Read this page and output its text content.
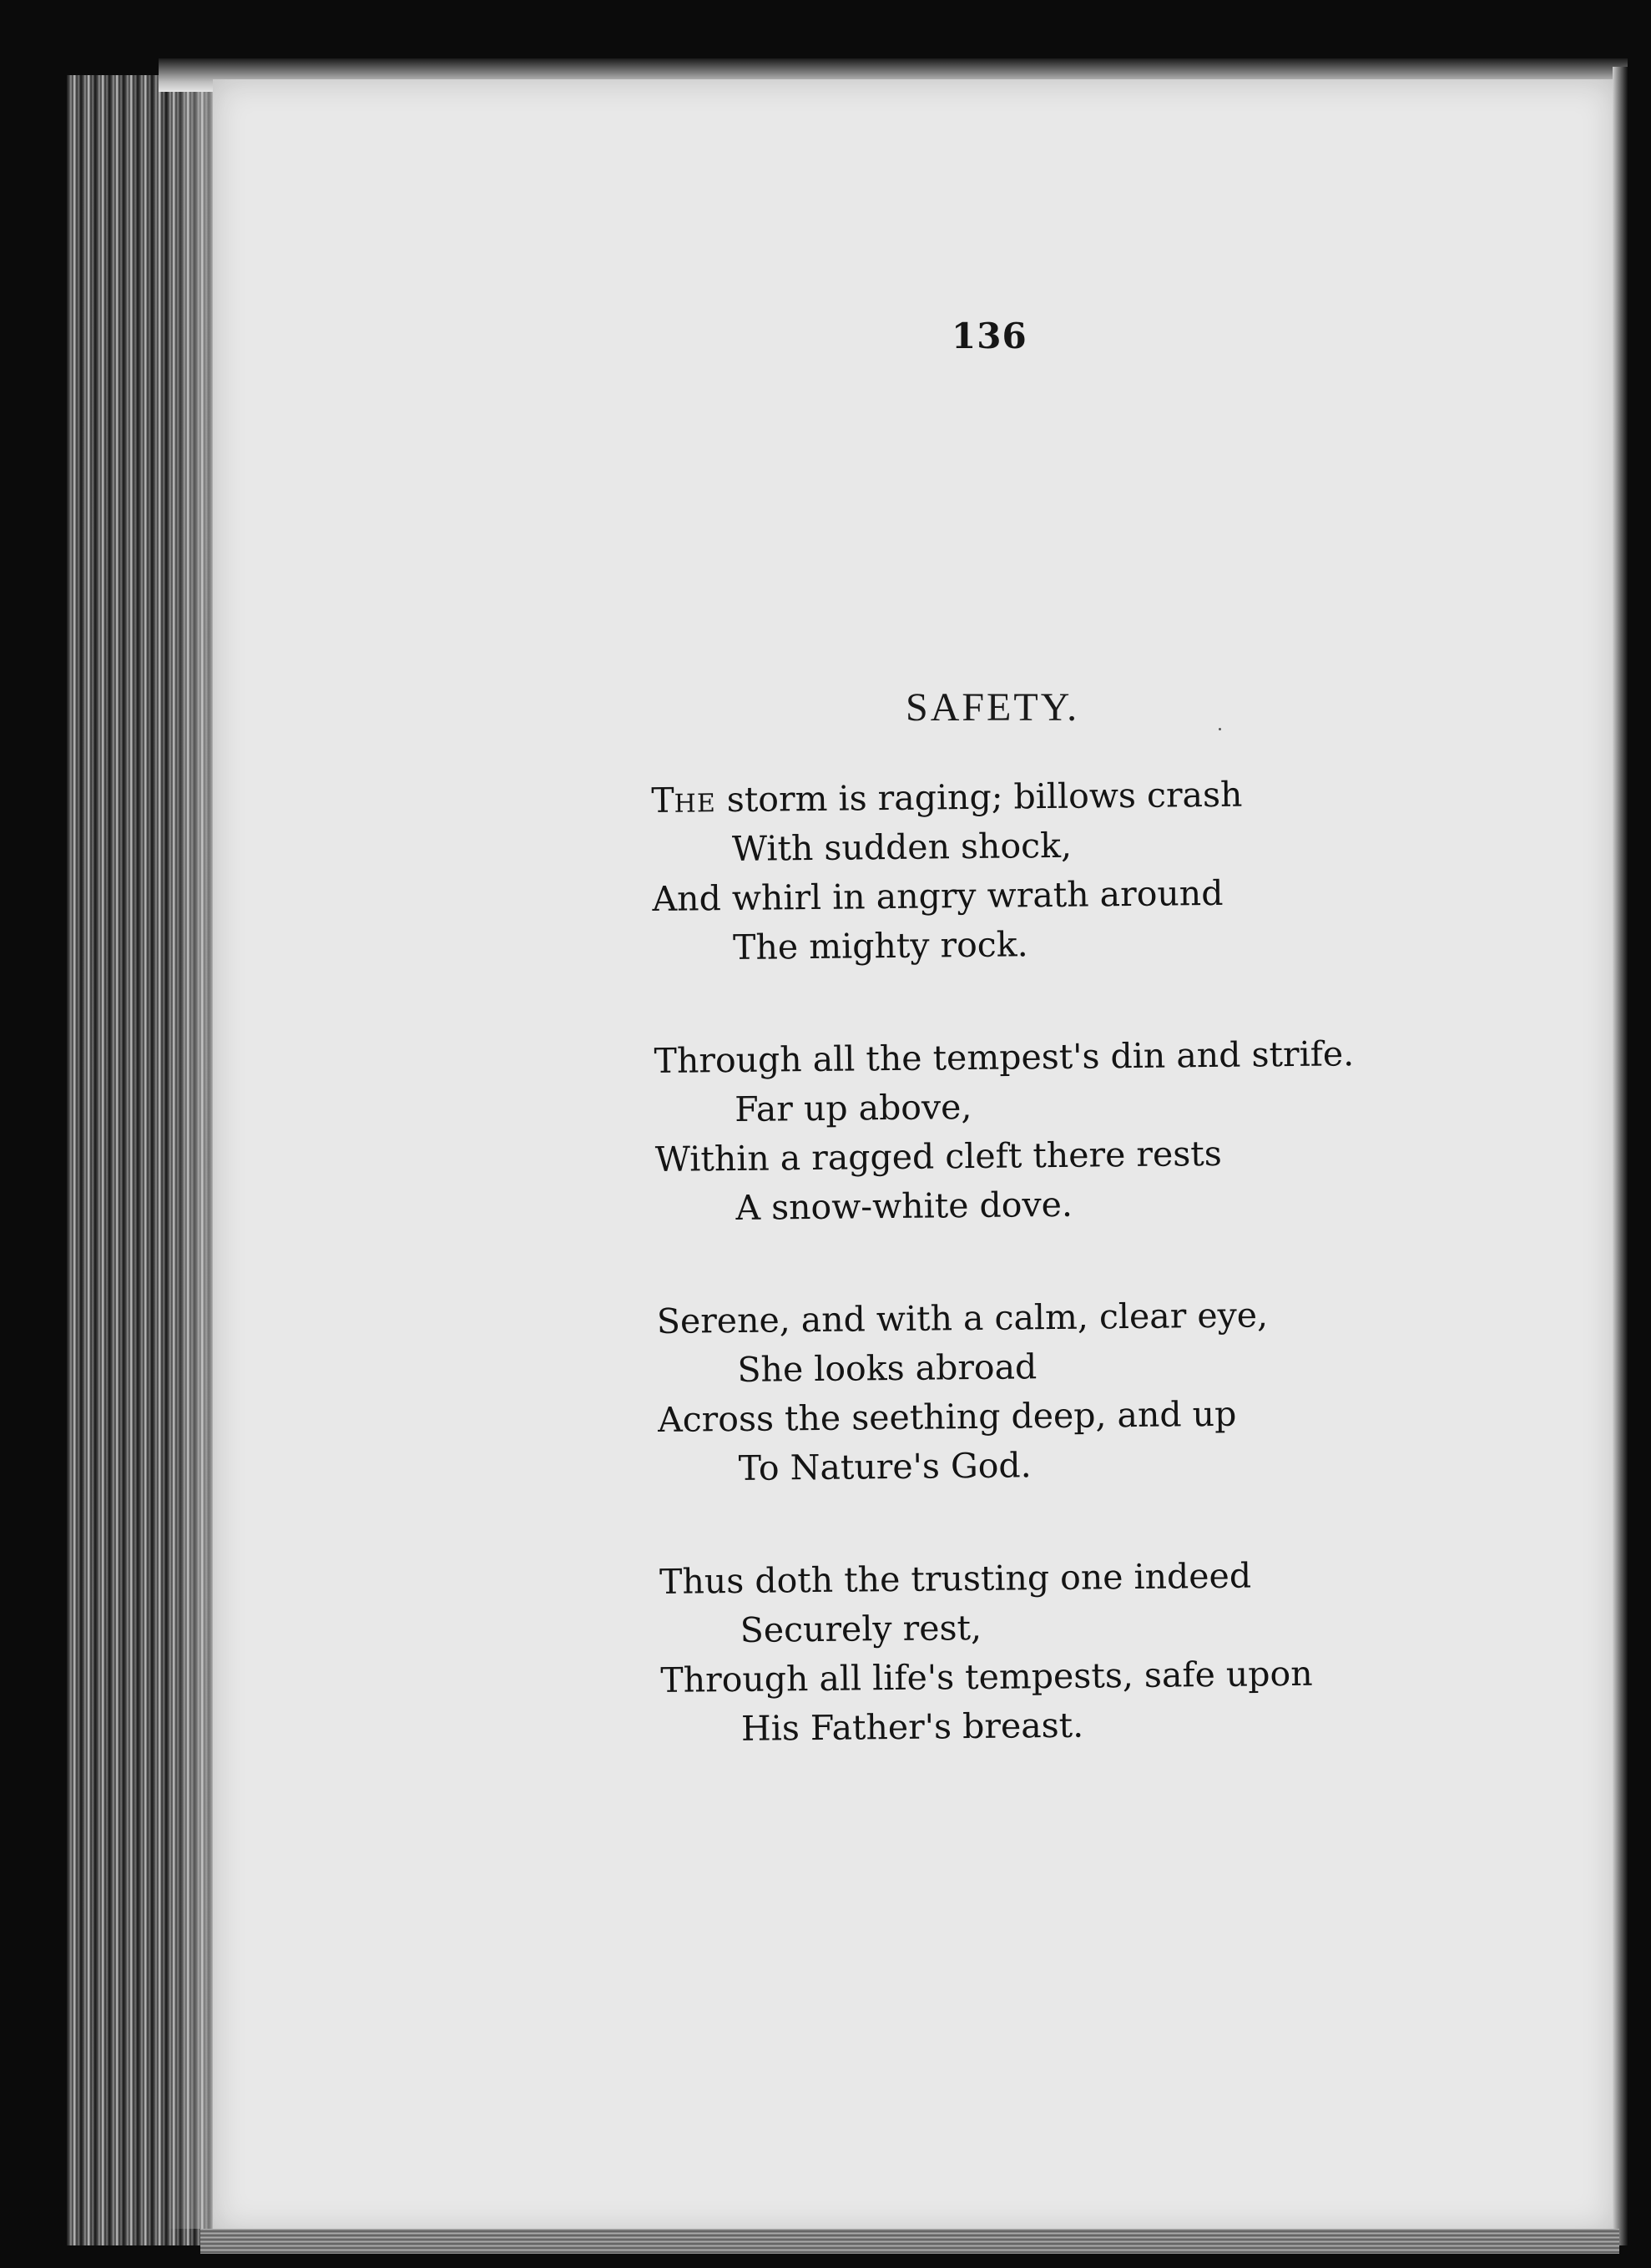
136
SAFETY.
THE storm is raging; billows crash
With sudden shock,
And whirl in angry wrath around
The mighty rock.
Through all the tempest's din and strife.
Far up above,
Within a ragged cleft there rests
A snow-white dove.
Serene, and with a calm, clear eye,
She looks abroad
Across the seething deep, and up
To Nature's God.
Thus doth the trusting one indeed
Securely rest,
Through all life's tempests, safe upon
His Father's breast.
